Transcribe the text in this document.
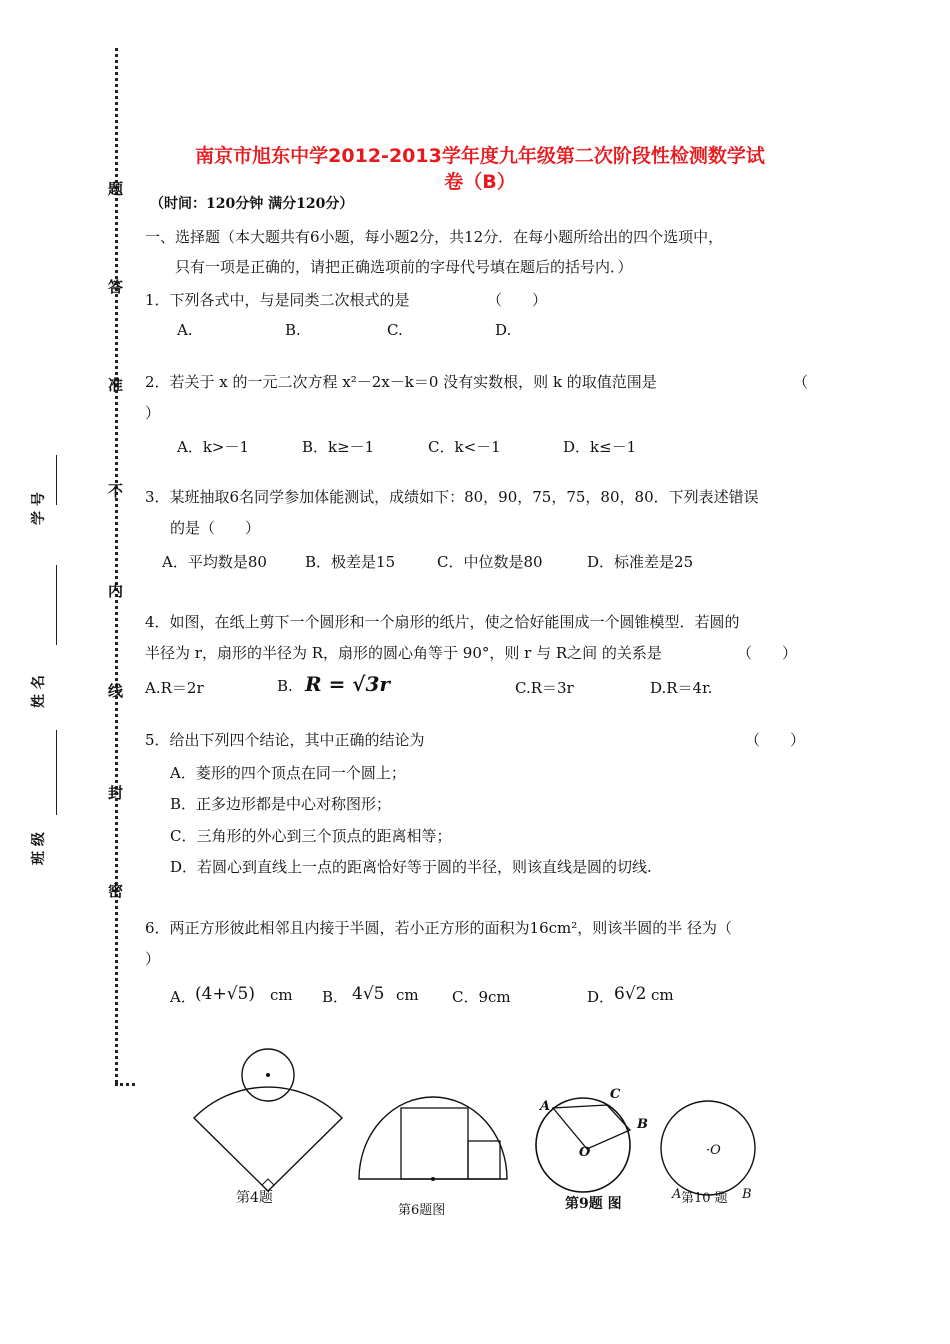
题
答
准
不
内
线
封
密
学 号
姓 名
班 级
南京市旭东中学2012-2013学年度九年级第二次阶段性检测数学试
卷（B）
（时间：120分钟 满分120分）
一、选择题（本大题共有6小题，每小题2分，共12分．在每小题所给出的四个选项中，
只有一项是正确的，请把正确选项前的字母代号填在题后的括号内．）
1．下列各式中，与是同类二次根式的是	（　　）
A.	B.	C.	D.
2．若关于 x 的一元二次方程 x²－2x－k＝0 没有实数根，则 k 的取值范围是	（
）
A．k>－1	B．k≥－1	C．k<－1	D．k≤－1
3．某班抽取6名同学参加体能测试，成绩如下：80，90，75，75，80，80．下列表述错误
的是（　　）
A．平均数是80	B．极差是15	C．中位数是80	D．标准差是25
4．如图，在纸上剪下一个圆形和一个扇形的纸片，使之恰好能围成一个圆锥模型．若圆的
半径为 r，扇形的半径为 R，扇形的圆心角等于 90°，则 r 与 R之间 的关系是	（　　）
A.R＝2r	B. R = √3r	C.R＝3r	D.R＝4r.
5．给出下列四个结论，其中正确的结论为	（　　）
A．菱形的四个顶点在同一个圆上；
B．正多边形都是中心对称图形；
C．三角形的外心到三个顶点的距离相等；
D．若圆心到直线上一点的距离恰好等于圆的半径，则该直线是圆的切线.
6．两正方形彼此相邻且内接于半圆，若小正方形的面积为16cm²，则该半圆的半 径为（
）
A． (4+√5) cm B． 4√5 cm C．9cm	D． 6√2 cm
第4题
第6题图
A
C
B
O
第9题 图
·O
A 第10 题 B
